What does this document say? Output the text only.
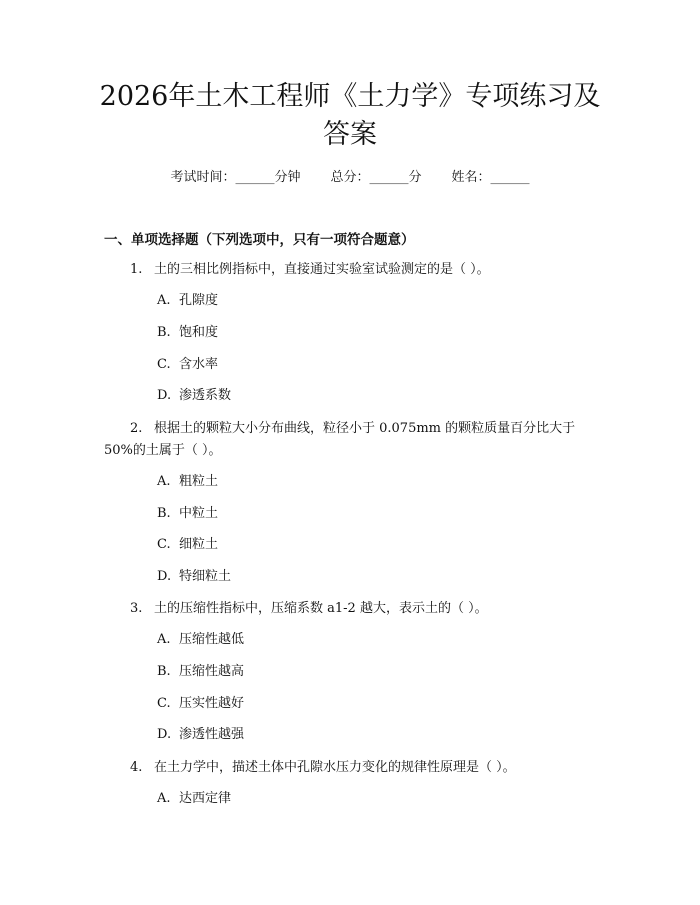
2026年土木工程师《土力学》专项练习及答案
考试时间：______分钟 总分：______分 姓名：______
一、单项选择题（下列选项中，只有一项符合题意）

1. 土的三相比例指标中，直接通过实验室试验测定的是（ ）。

A. 孔隙度
B. 饱和度
C. 含水率
D. 渗透系数

2. 根据土的颗粒大小分布曲线，粒径小于 0.075mm 的颗粒质量百分比大于 50%的土属于（ ）。

A. 粗粒土
B. 中粒土
C. 细粒土
D. 特细粒土

3. 土的压缩性指标中，压缩系数 a1-2 越大，表示土的（ ）。

A. 压缩性越低
B. 压缩性越高
C. 压实性越好
D. 渗透性越强

4. 在土力学中，描述土体中孔隙水压力变化的规律性原理是（ ）。

A. 达西定律
